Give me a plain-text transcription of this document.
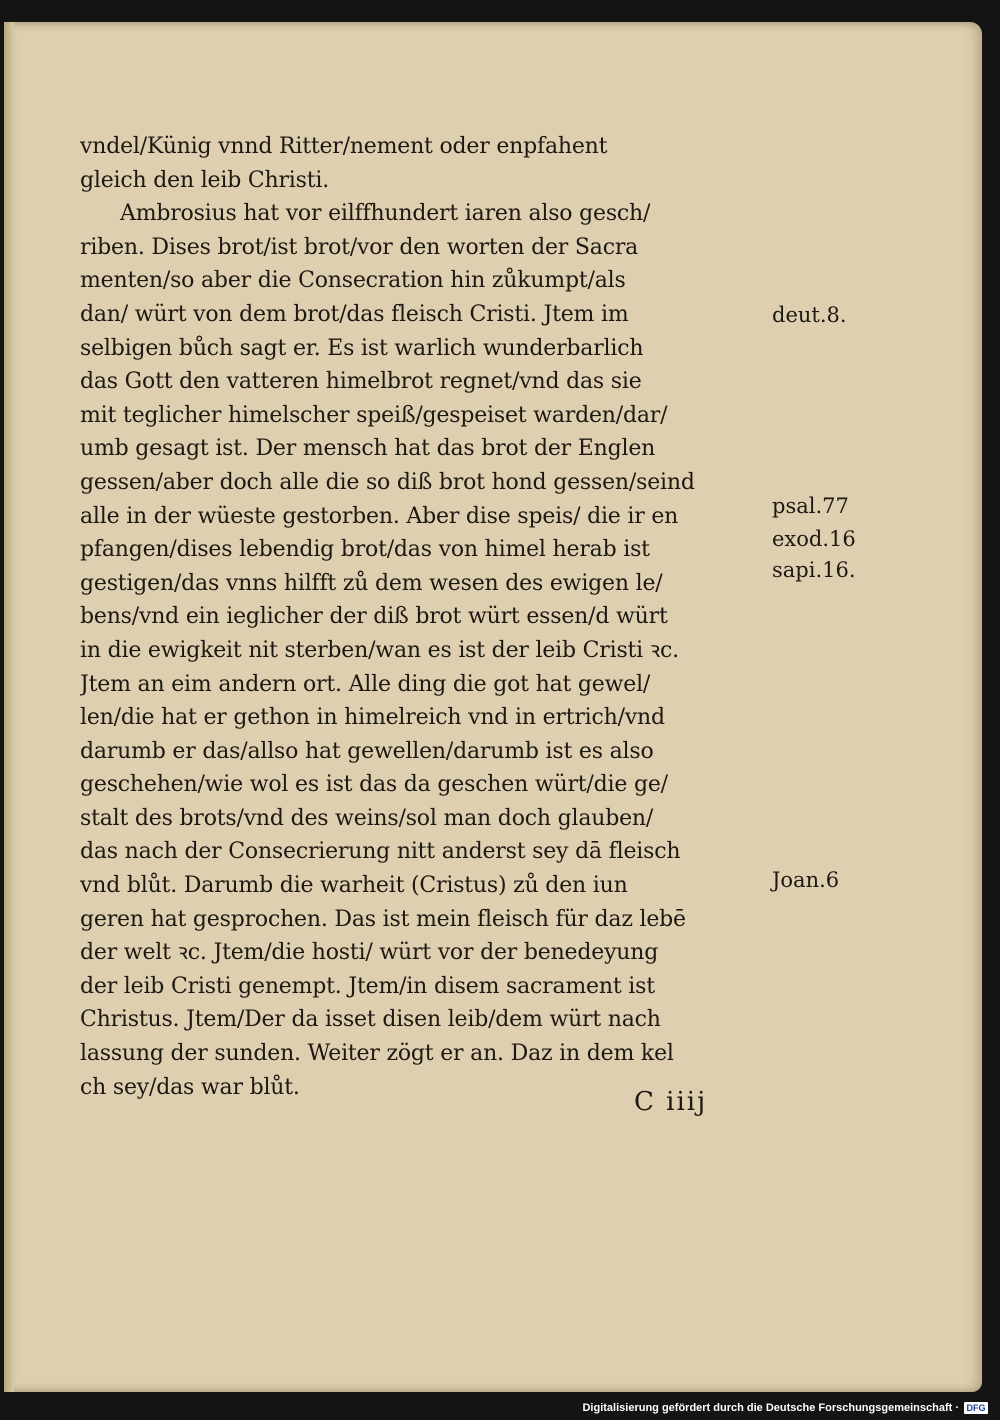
vndel/Künig vnnd Ritter/nement oder enpfahent
gleich den leib Christi.
Ambrosius hat vor eilffhundert iaren also gesch/
riben. Dises brot/ist brot/vor den worten der Sacra
menten/so aber die Consecration hin zůkumpt/als
dan/ würt von dem brot/das fleisch Cristi. Jtem im
selbigen bůch sagt er. Es ist warlich wunderbarlich
das Gott den vatteren himelbrot regnet/vnd das sie
mit teglicher himelscher speiß/gespeiset warden/dar/
umb gesagt ist. Der mensch hat das brot der Englen
gessen/aber doch alle die so diß brot hond gessen/seind
alle in der wüeste gestorben. Aber dise speis/ die ir en
pfangen/dises lebendig brot/das von himel herab ist
gestigen/das vnns hilfft zů dem wesen des ewigen le/
bens/vnd ein ieglicher der diß brot würt essen/d würt
in die ewigkeit nit sterben/wan es ist der leib Cristi ꝛc.
Jtem an eim andern ort. Alle ding die got hat gewel/
len/die hat er gethon in himelreich vnd in ertrich/vnd
darumb er das/allso hat gewellen/darumb ist es also
geschehen/wie wol es ist das da geschen würt/die ge/
stalt des brots/vnd des weins/sol man doch glauben/
das nach der Consecrierung nitt anderst sey dā fleisch
vnd blůt. Darumb die warheit (Cristus) zů den iun
geren hat gesprochen. Das ist mein fleisch für daz lebē
der welt ꝛc. Jtem/die hosti/ würt vor der benedeyung
der leib Cristi genempt. Jtem/in disem sacrament ist
Christus. Jtem/Der da isset disen leib/dem würt nach
lassung der sunden. Weiter zögt er an. Daz in dem kel
ch sey/das war blůt.
deut.8.
psal.77
exod.16
sapi.16.
Joan.6
C iiij
Digitalisierung gefördert durch die Deutsche Forschungsgemeinschaft · DFG
